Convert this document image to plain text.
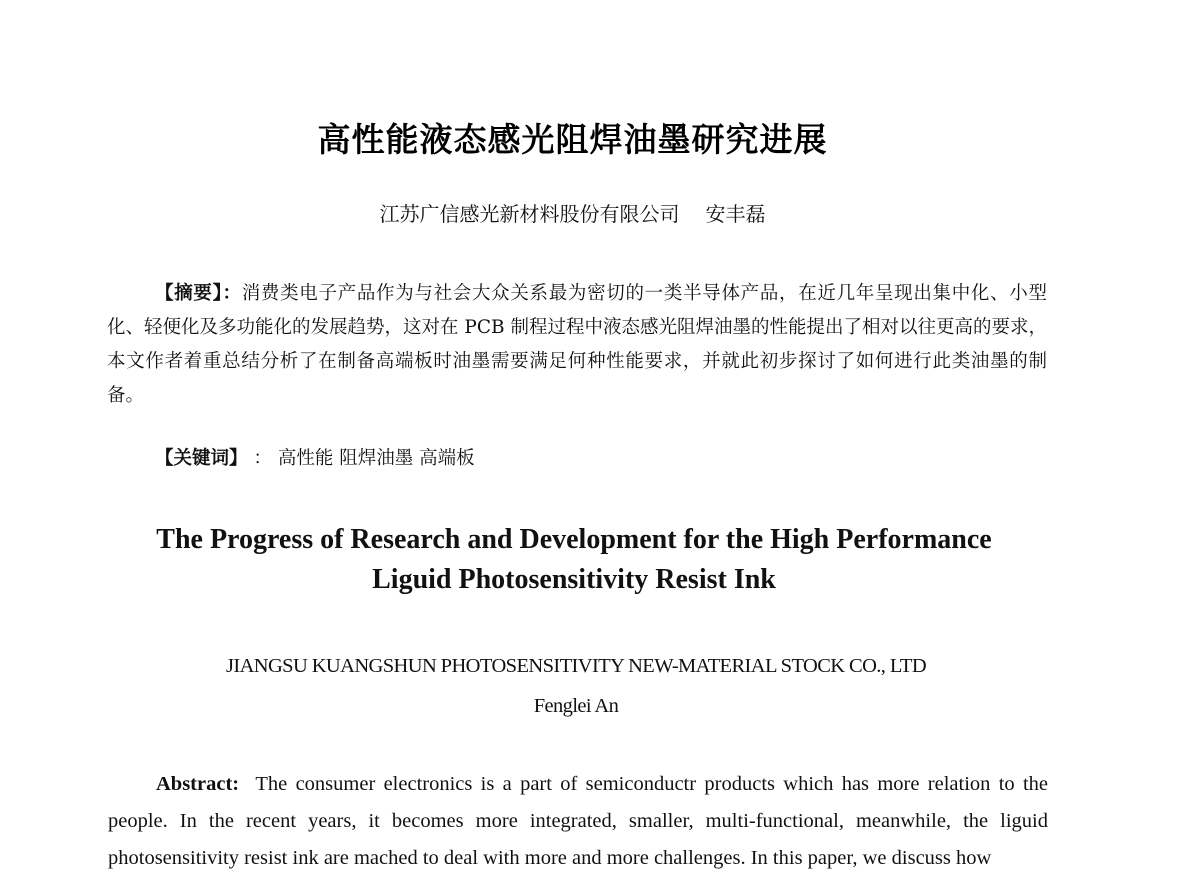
高性能液态感光阻焊油墨研究进展
江苏广信感光新材料股份有限公司 安丰磊

【摘要】：消费类电子产品作为与社会大众关系最为密切的一类半导体产品，在近几年呈现出集中化、小型化、轻便化及多功能化的发展趋势，这对在 PCB 制程过程中液态感光阻焊油墨的性能提出了相对以往更高的要求，本文作者着重总结分析了在制备高端板时油墨需要满足何种性能要求，并就此初步探讨了如何进行此类油墨的制备。

【关键词】 ： 高性能 阻焊油墨 高端板
The Progress of Research and Development for the High Performance
Liguid Photosensitivity Resist Ink
JIANGSU KUANGSHUN PHOTOSENSITIVITY NEW-MATERIAL STOCK CO., LTD
Fenglei An

Abstract: The consumer electronics is a part of semiconductr products which has more relation to the people. In the recent years, it becomes more integrated, smaller, multi-functional, meanwhile, the liguid photosensitivity resist ink are mached to deal with more and more challenges. In this paper, we discuss how
